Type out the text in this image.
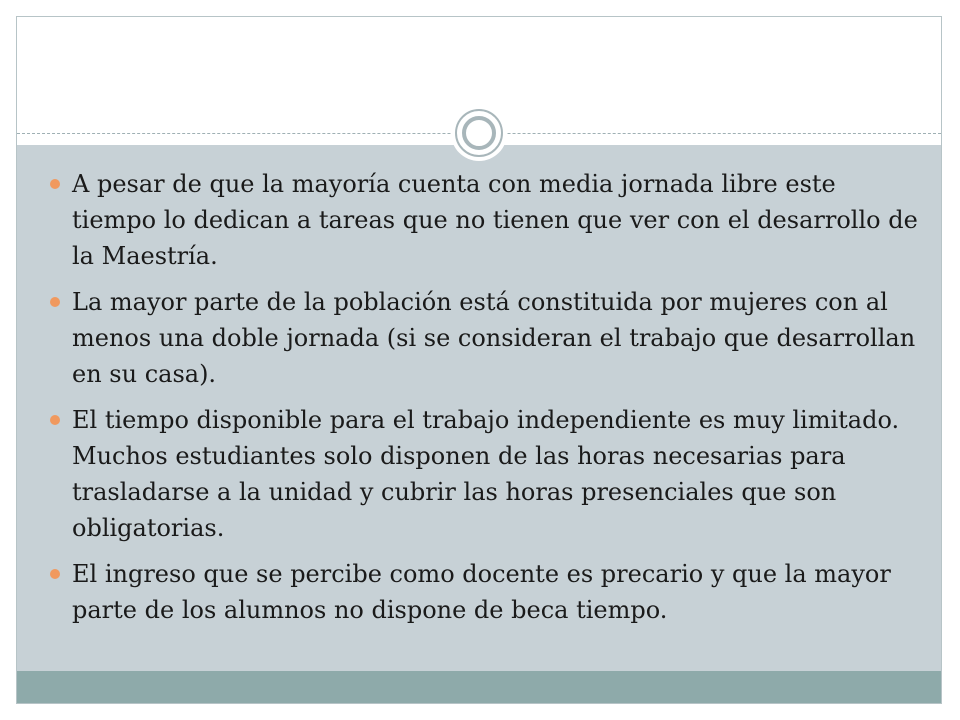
A pesar de que la mayoría cuenta con media jornada libre este tiempo lo dedican a tareas que no tienen que ver con el desarrollo de la Maestría.
La mayor parte de la población está constituida por mujeres con al menos una doble jornada (si se consideran el trabajo que desarrollan en su casa).
El tiempo disponible para el trabajo independiente es muy limitado. Muchos estudiantes solo disponen de las horas necesarias para trasladarse a la unidad y cubrir las horas presenciales que son obligatorias.
El ingreso que se percibe como docente es precario y que la mayor parte de los alumnos no dispone de beca tiempo.
